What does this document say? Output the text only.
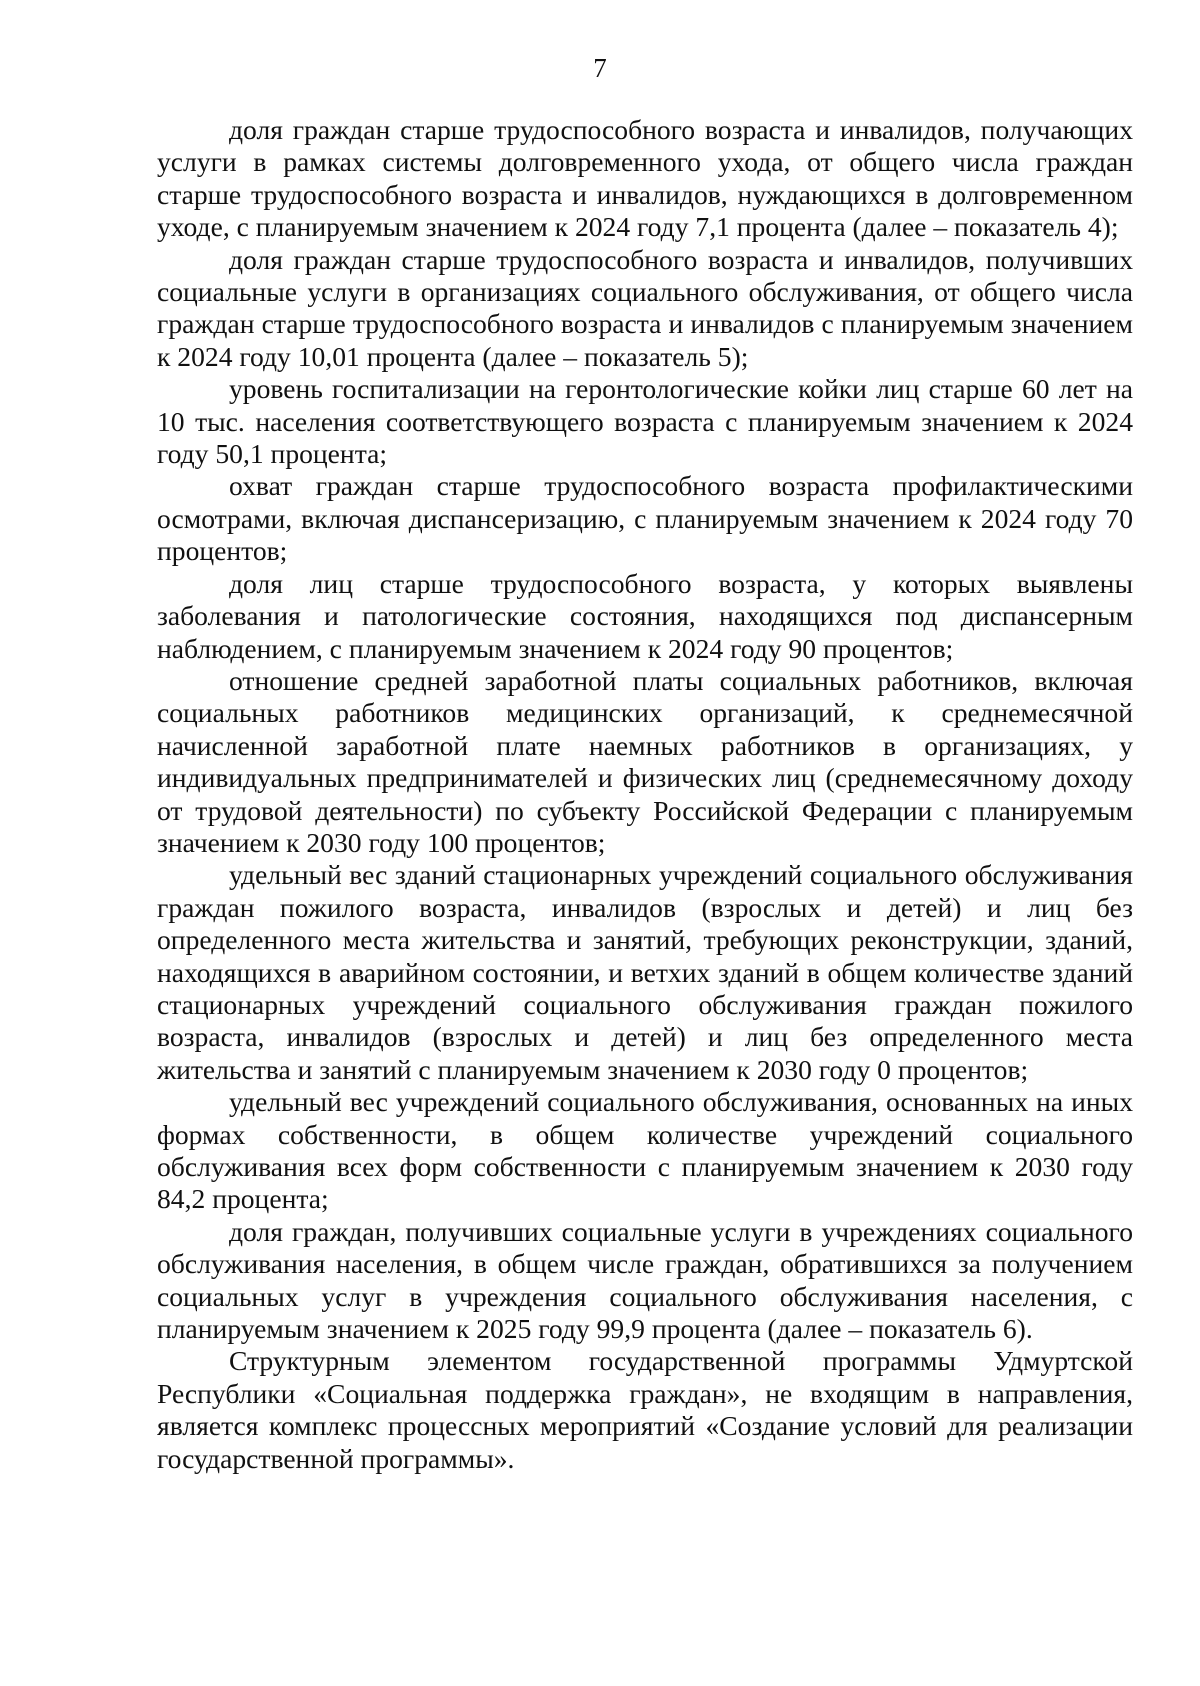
7

доля граждан старше трудоспособного возраста и инвалидов, получающих услуги в рамках системы долговременного ухода, от общего числа граждан старше трудоспособного возраста и инвалидов, нуждающихся в долговременном уходе, с планируемым значением к 2024 году 7,1 процента (далее – показатель 4);

доля граждан старше трудоспособного возраста и инвалидов, получивших социальные услуги в организациях социального обслуживания, от общего числа граждан старше трудоспособного возраста и инвалидов с планируемым значением к 2024 году 10,01 процента (далее – показатель 5);

уровень госпитализации на геронтологические койки лиц старше 60 лет на 10 тыс. населения соответствующего возраста с планируемым значением к 2024 году 50,1 процента;

охват граждан старше трудоспособного возраста профилактическими осмотрами, включая диспансеризацию, с планируемым значением к 2024 году 70 процентов;

доля лиц старше трудоспособного возраста, у которых выявлены заболевания и патологические состояния, находящихся под диспансерным наблюдением, с планируемым значением к 2024 году 90 процентов;

отношение средней заработной платы социальных работников, включая социальных работников медицинских организаций, к среднемесячной начисленной заработной плате наемных работников в организациях, у индивидуальных предпринимателей и физических лиц (среднемесячному доходу от трудовой деятельности) по субъекту Российской Федерации с планируемым значением к 2030 году 100 процентов;

удельный вес зданий стационарных учреждений социального обслуживания граждан пожилого возраста, инвалидов (взрослых и детей) и лиц без определенного места жительства и занятий, требующих реконструкции, зданий, находящихся в аварийном состоянии, и ветхих зданий в общем количестве зданий стационарных учреждений социального обслуживания граждан пожилого возраста, инвалидов (взрослых и детей) и лиц без определенного места жительства и занятий с планируемым значением к 2030 году 0 процентов;

удельный вес учреждений социального обслуживания, основанных на иных формах собственности, в общем количестве учреждений социального обслуживания всех форм собственности с планируемым значением к 2030 году 84,2 процента;

доля граждан, получивших социальные услуги в учреждениях социального обслуживания населения, в общем числе граждан, обратившихся за получением социальных услуг в учреждения социального обслуживания населения, с планируемым значением к 2025 году 99,9 процента (далее – показатель 6).

Структурным элементом государственной программы Удмуртской Республики «Социальная поддержка граждан», не входящим в направления, является комплекс процессных мероприятий «Создание условий для реализации государственной программы».
